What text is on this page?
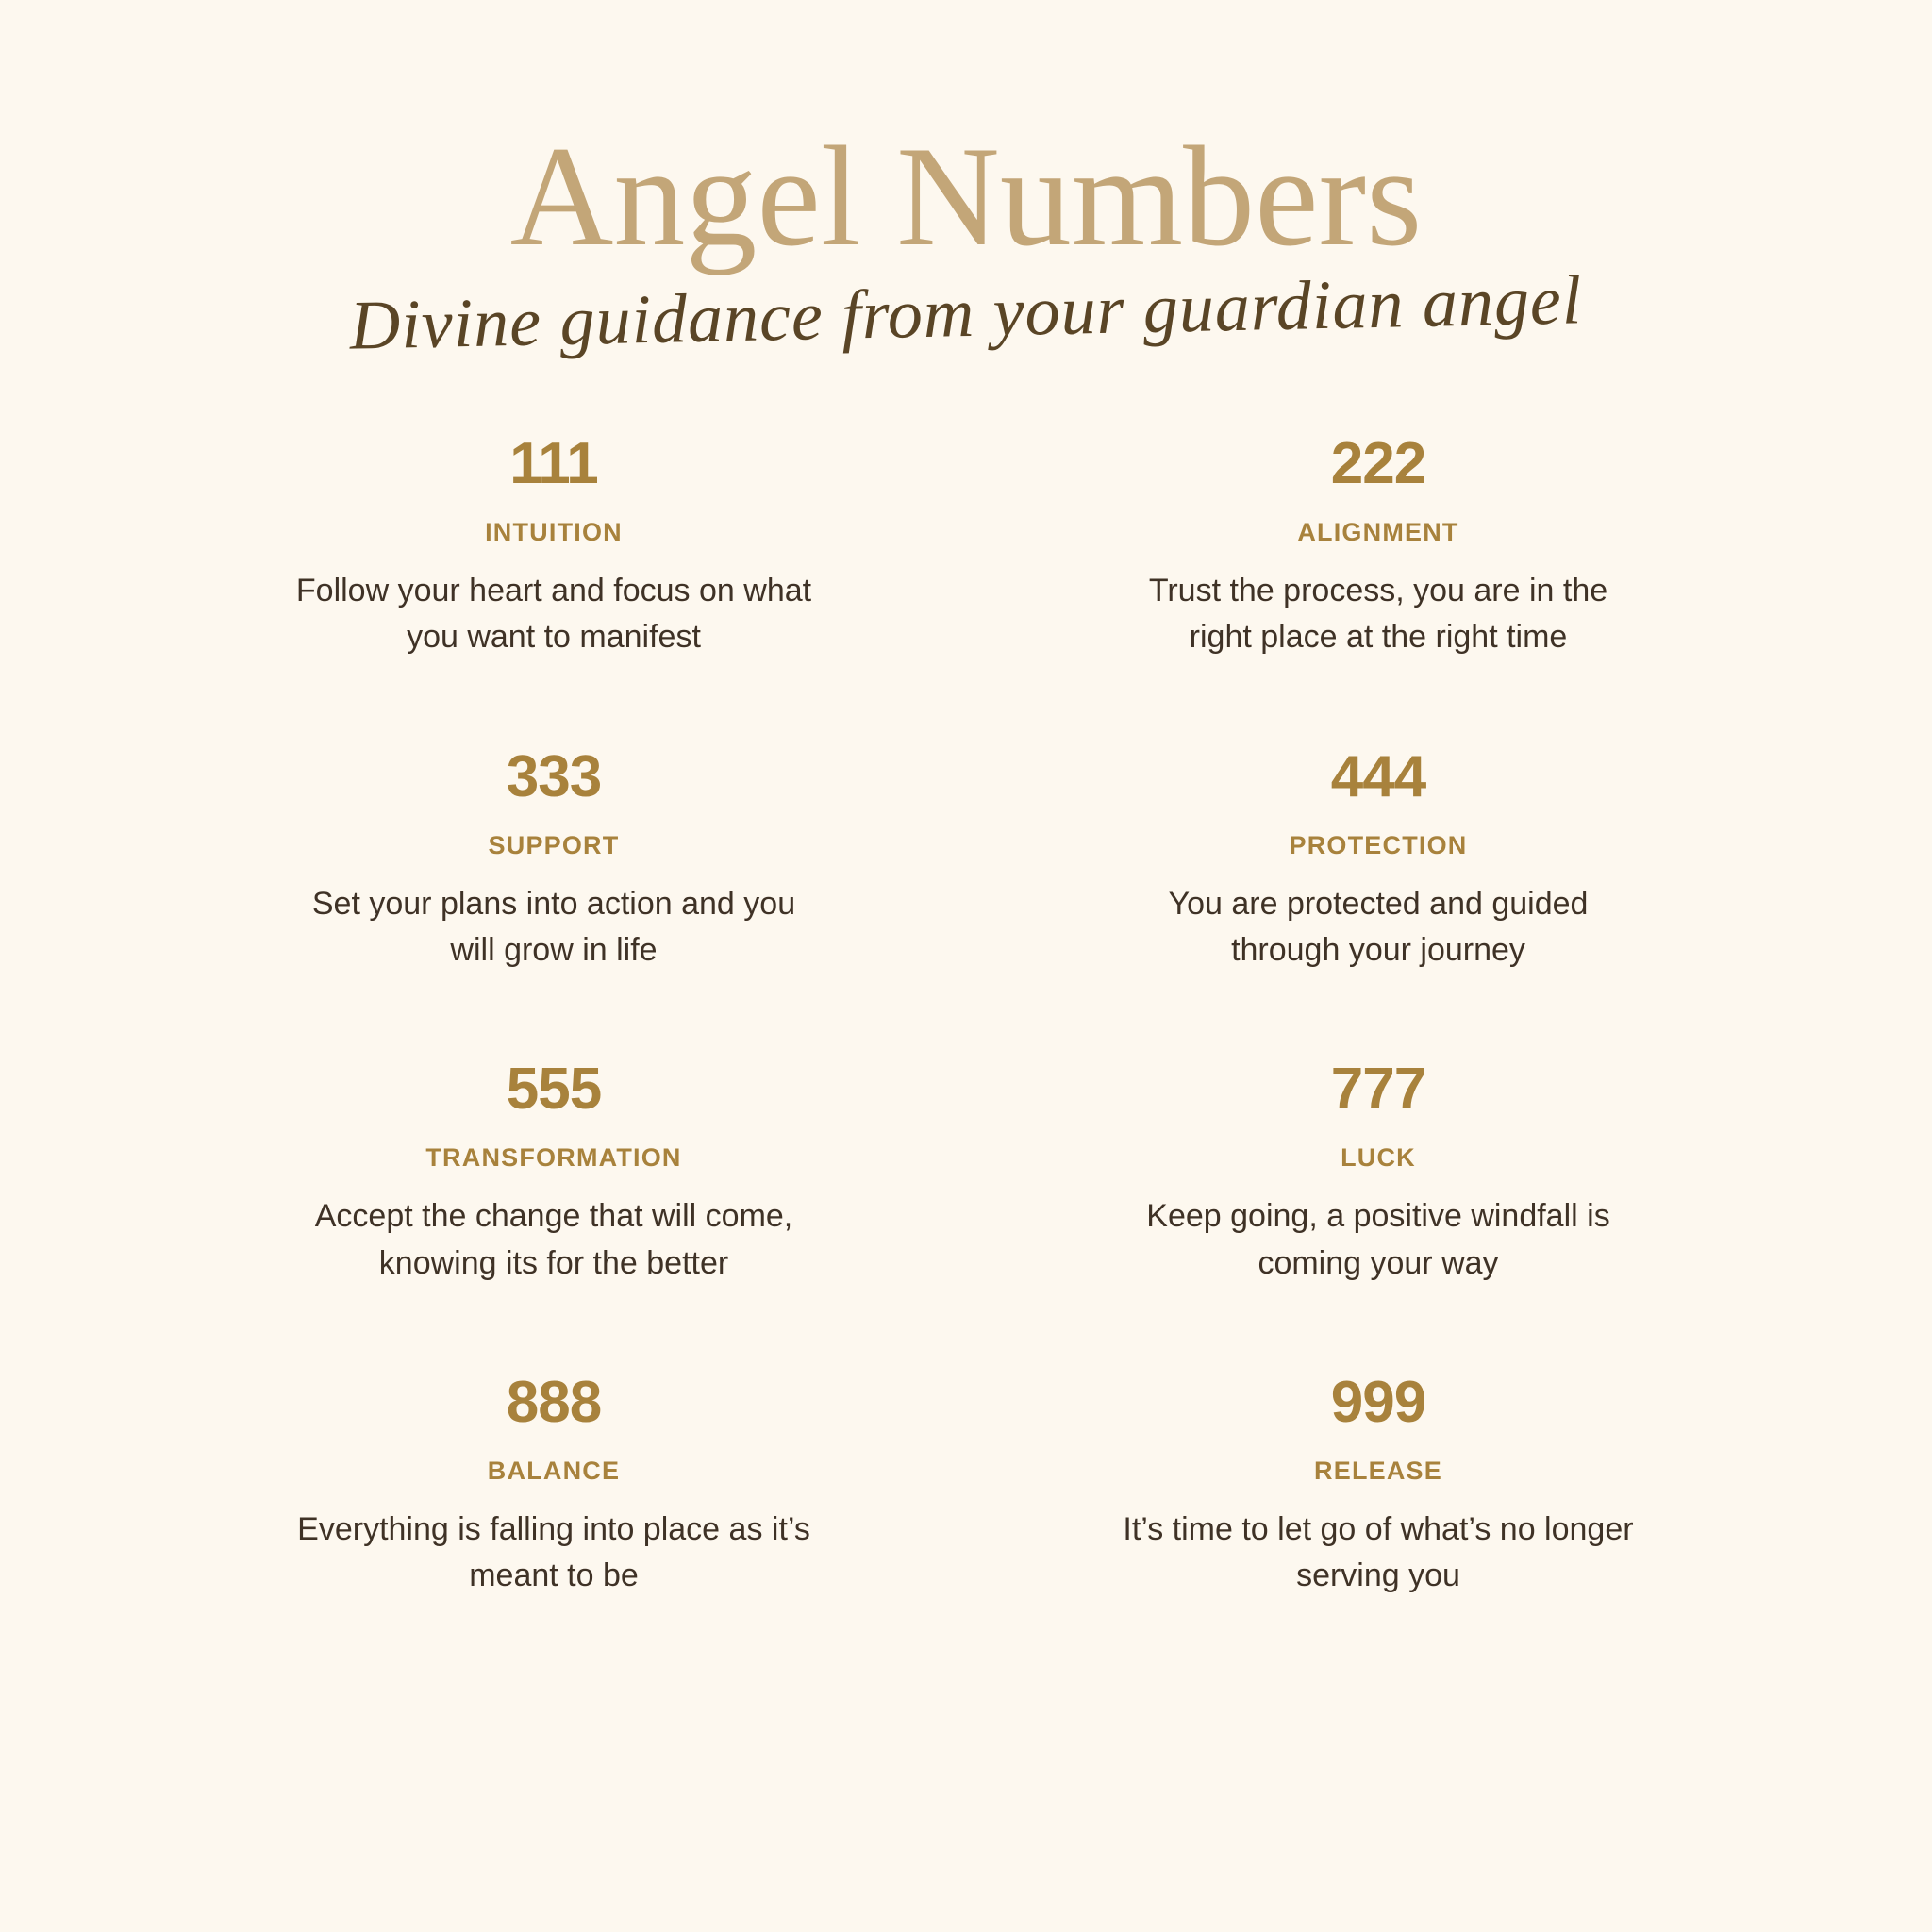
Angel Numbers
Divine guidance from your guardian angel
111
INTUITION
Follow your heart and focus on what you want to manifest
222
ALIGNMENT
Trust the process, you are in the right place at the right time
333
SUPPORT
Set your plans into action and you will grow in life
444
PROTECTION
You are protected and guided through your journey
555
TRANSFORMATION
Accept the change that will come, knowing its for the better
777
LUCK
Keep going, a positive windfall is coming your way
888
BALANCE
Everything is falling into place as it’s meant to be
999
RELEASE
It’s time to let go of what’s no longer serving you
